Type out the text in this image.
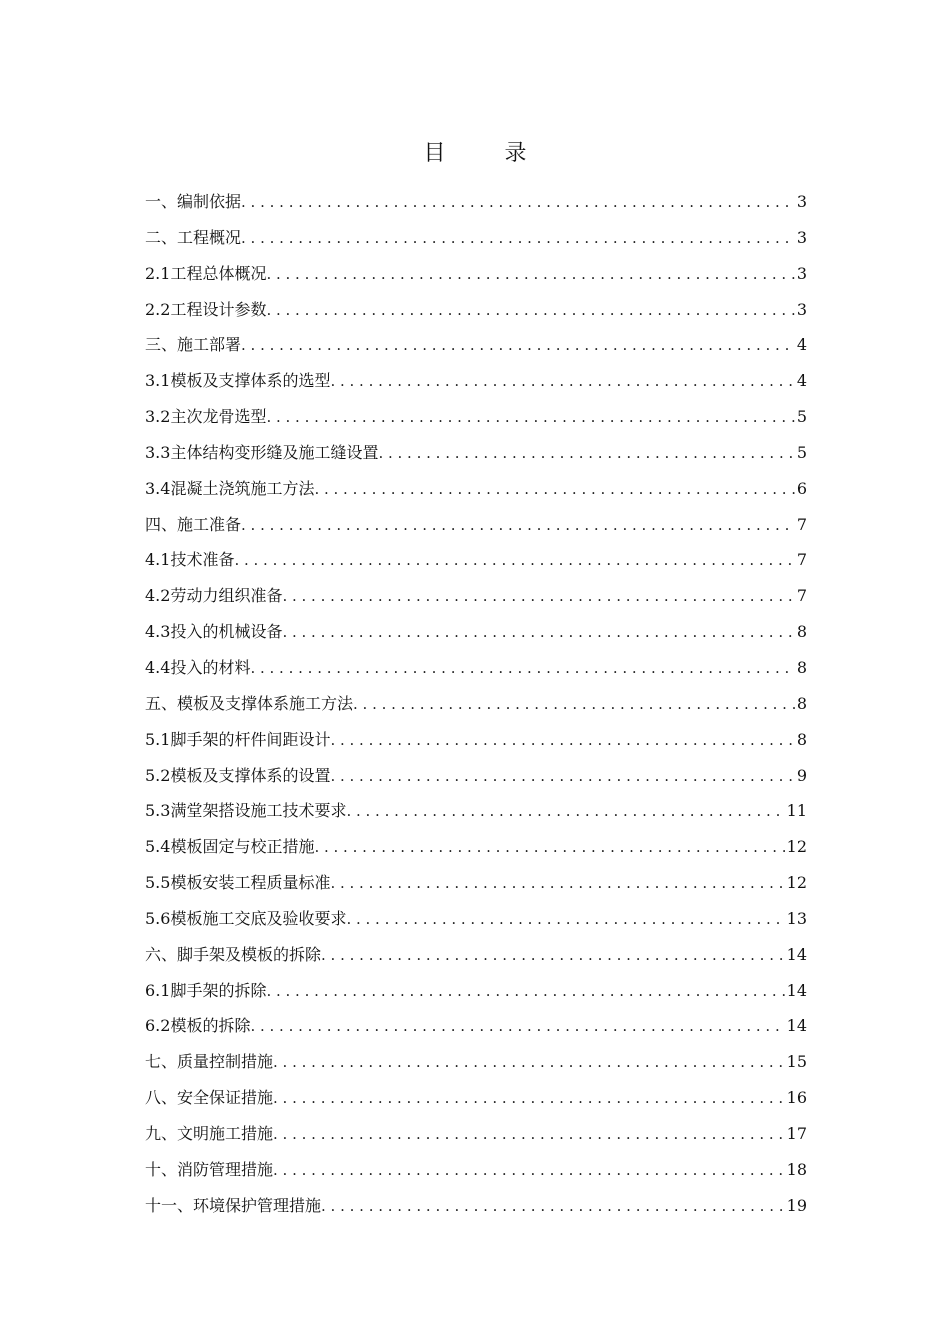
目 录
一、编制依据 . . .	3
二、工程概况 . . .	3
2.1工程总体概况 . . .	3
2.2工程设计参数 . . .	3
三、施工部署 . . .	4
3.1模板及支撑体系的选型 . . .	4
3.2主次龙骨选型 . . .	5
3.3主体结构变形缝及施工缝设置 . . .	5
3.4混凝土浇筑施工方法 . . .	6
四、施工准备 . . .	7
4.1技术准备 . . .	7
4.2劳动力组织准备 . . .	7
4.3投入的机械设备 . . .	8
4.4投入的材料 . . .	8
五、模板及支撑体系施工方法 . . .	8
5.1脚手架的杆件间距设计 . . .	8
5.2模板及支撑体系的设置 . . .	9
5.3满堂架搭设施工技术要求 . . .	11
5.4模板固定与校正措施 . . .	12
5.5模板安装工程质量标准 . . .	12
5.6模板施工交底及验收要求 . . .	13
六、脚手架及模板的拆除 . . .	14
6.1脚手架的拆除 . . .	14
6.2模板的拆除 . . .	14
七、质量控制措施 . . .	15
八、安全保证措施 . . .	16
九、文明施工措施 . . .	17
十、消防管理措施 . . .	18
十一、环境保护管理措施 . . .	19
